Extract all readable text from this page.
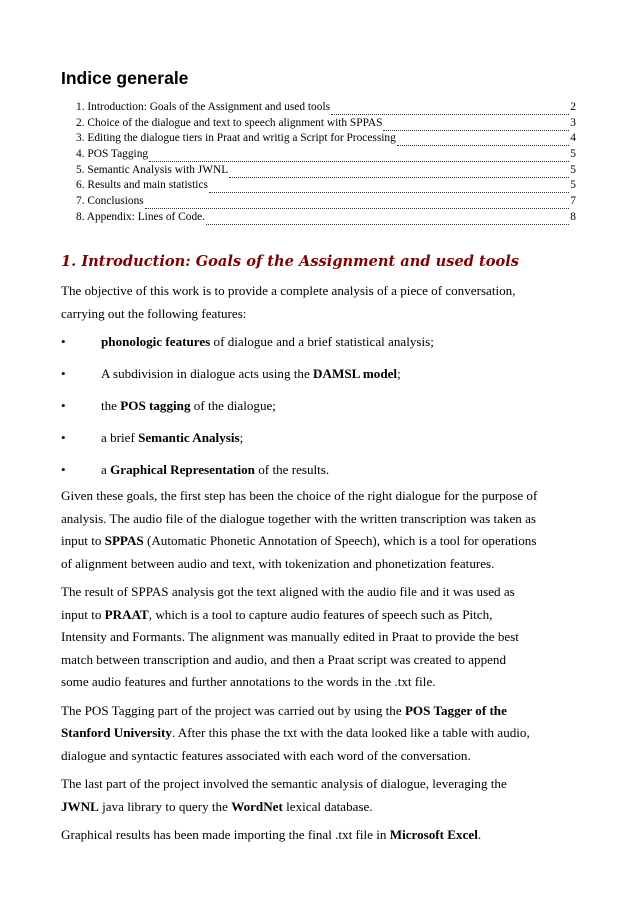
Indice generale
1. Introduction: Goals of the Assignment and used tools	2
2. Choice of the dialogue and text to speech alignment with SPPAS	3
3. Editing the dialogue tiers in Praat and writig a Script for Processing	4
4. POS Tagging	5
5. Semantic Analysis with JWNL	5
6. Results and main statistics	5
7. Conclusions	7
8. Appendix: Lines of Code.	8
1. Introduction: Goals of the Assignment and used tools
The objective of this work is to provide a complete analysis of a piece of conversation,
carrying out the following features:
•	phonologic features of dialogue and a brief statistical analysis;
•	A subdivision in dialogue acts using the DAMSL model;
•	the POS tagging of the dialogue;
•	a brief Semantic Analysis;
•	a Graphical Representation of the results.
Given these goals, the first step has been the choice of the right dialogue for the purpose of
analysis. The audio file of the dialogue together with the written transcription was taken as
input to SPPAS (Automatic Phonetic Annotation of Speech), which is a tool for operations
of alignment between audio and text, with tokenization and phonetization features.
The result of SPPAS analysis got the text aligned with the audio file and it was used as
input to PRAAT, which is a tool to capture audio features of speech such as Pitch,
Intensity and Formants. The alignment was manually edited in Praat to provide the best
match between transcription and audio, and then a Praat script was created to append
some audio features and further annotations to the words in the .txt file.
The POS Tagging part of the project was carried out by using the POS Tagger of the
Stanford University. After this phase the txt with the data looked like a table with audio,
dialogue and syntactic features associated with each word of the conversation.
The last part of the project involved the semantic analysis of dialogue, leveraging the
JWNL java library to query the WordNet lexical database.
Graphical results has been made importing the final .txt file in Microsoft Excel.
